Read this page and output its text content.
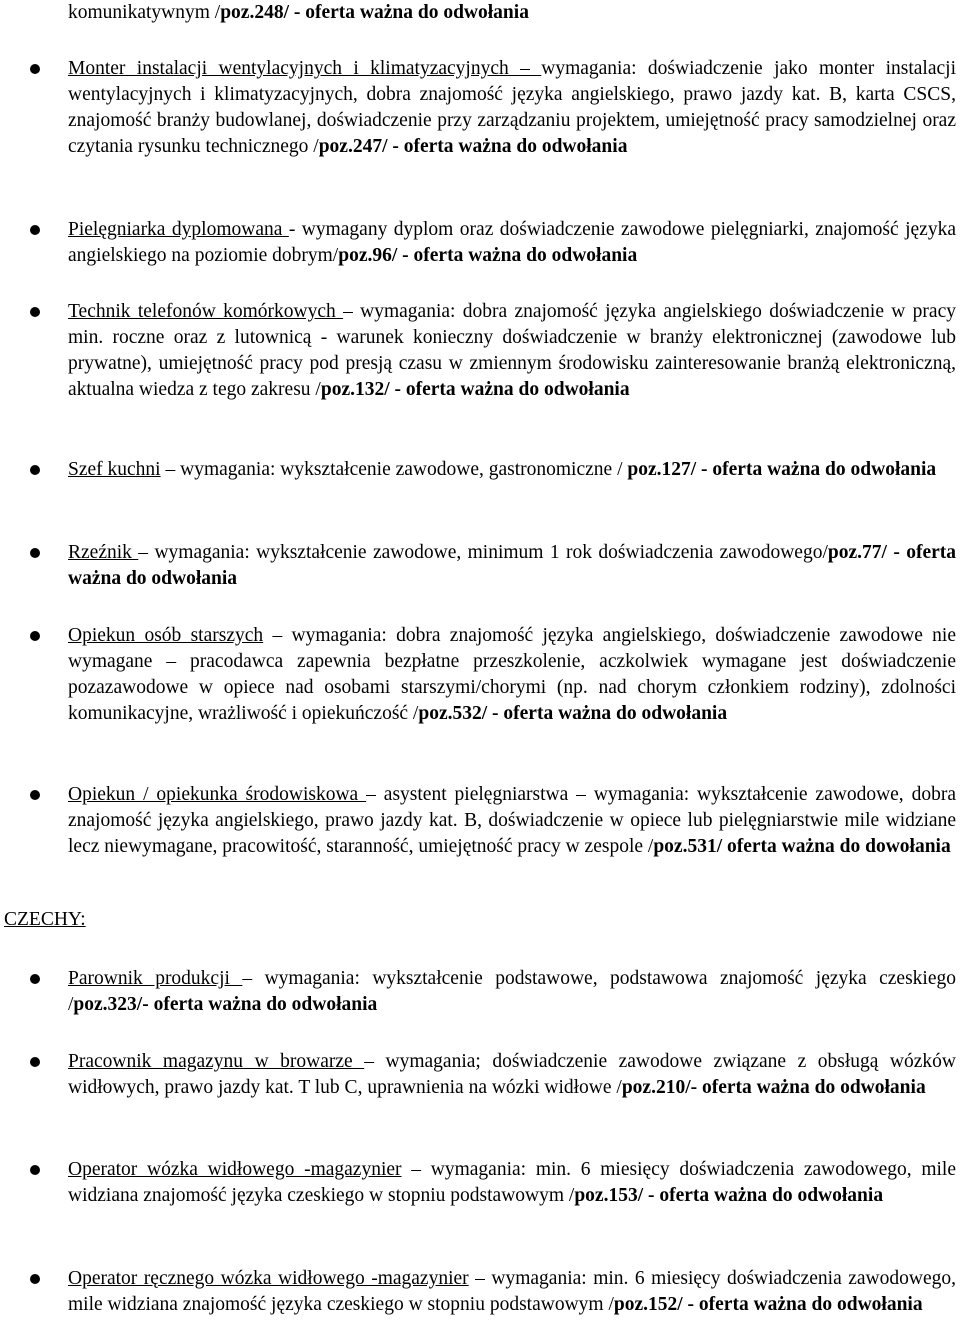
komunikatywnym /poz.248/ - oferta ważna do odwołania
Monter instalacji wentylacyjnych i klimatyzacyjnych – wymagania: doświadczenie jako monter instalacji wentylacyjnych i klimatyzacyjnych, dobra znajomość języka angielskiego, prawo jazdy kat. B, karta CSCS, znajomość branży budowlanej, doświadczenie przy zarządzaniu projektem, umiejętność pracy samodzielnej oraz czytania rysunku technicznego /poz.247/ - oferta ważna do odwołania
Pielęgniarka dyplomowana - wymagany dyplom oraz doświadczenie zawodowe pielęgniarki, znajomość języka angielskiego na poziomie dobrym/poz.96/ - oferta ważna do odwołania
Technik telefonów komórkowych – wymagania: dobra znajomość języka angielskiego doświadczenie w pracy min. roczne oraz z lutownicą - warunek konieczny doświadczenie w branży elektronicznej (zawodowe lub prywatne), umiejętność pracy pod presją czasu w zmiennym środowisku zainteresowanie branżą elektroniczną, aktualna wiedza z tego zakresu /poz.132/ - oferta ważna do odwołania
Szef kuchni – wymagania: wykształcenie zawodowe, gastronomiczne / poz.127/ - oferta ważna do odwołania
Rzeźnik – wymagania: wykształcenie zawodowe, minimum 1 rok doświadczenia zawodowego/poz.77/ - oferta ważna do odwołania
Opiekun osób starszych – wymagania: dobra znajomość języka angielskiego, doświadczenie zawodowe nie wymagane – pracodawca zapewnia bezpłatne przeszkolenie, aczkolwiek wymagane jest doświadczenie pozazawodowe w opiece nad osobami starszymi/chorymi (np. nad chorym członkiem rodziny), zdolności komunikacyjne, wrażliwość i opiekuńczość /poz.532/ - oferta ważna do odwołania
Opiekun / opiekunka środowiskowa – asystent pielęgniarstwa – wymagania: wykształcenie zawodowe, dobra znajomość języka angielskiego, prawo jazdy kat. B, doświadczenie w opiece lub pielęgniarstwie mile widziane lecz niewymagane, pracowitość, staranność, umiejętność pracy w zespole /poz.531/ oferta ważna do dowołania
CZECHY:
Parownik produkcji – wymagania: wykształcenie podstawowe, podstawowa znajomość języka czeskiego /poz.323/- oferta ważna do odwołania
Pracownik magazynu w browarze – wymagania; doświadczenie zawodowe związane z obsługą wózków widłowych, prawo jazdy kat. T lub C, uprawnienia na wózki widłowe /poz.210/- oferta ważna do odwołania
Operator wózka widłowego -magazynier – wymagania: min. 6 miesięcy doświadczenia zawodowego, mile widziana znajomość języka czeskiego w stopniu podstawowym /poz.153/ - oferta ważna do odwołania
Operator ręcznego wózka widłowego -magazynier – wymagania: min. 6 miesięcy doświadczenia zawodowego, mile widziana znajomość języka czeskiego w stopniu podstawowym /poz.152/ - oferta ważna do odwołania
